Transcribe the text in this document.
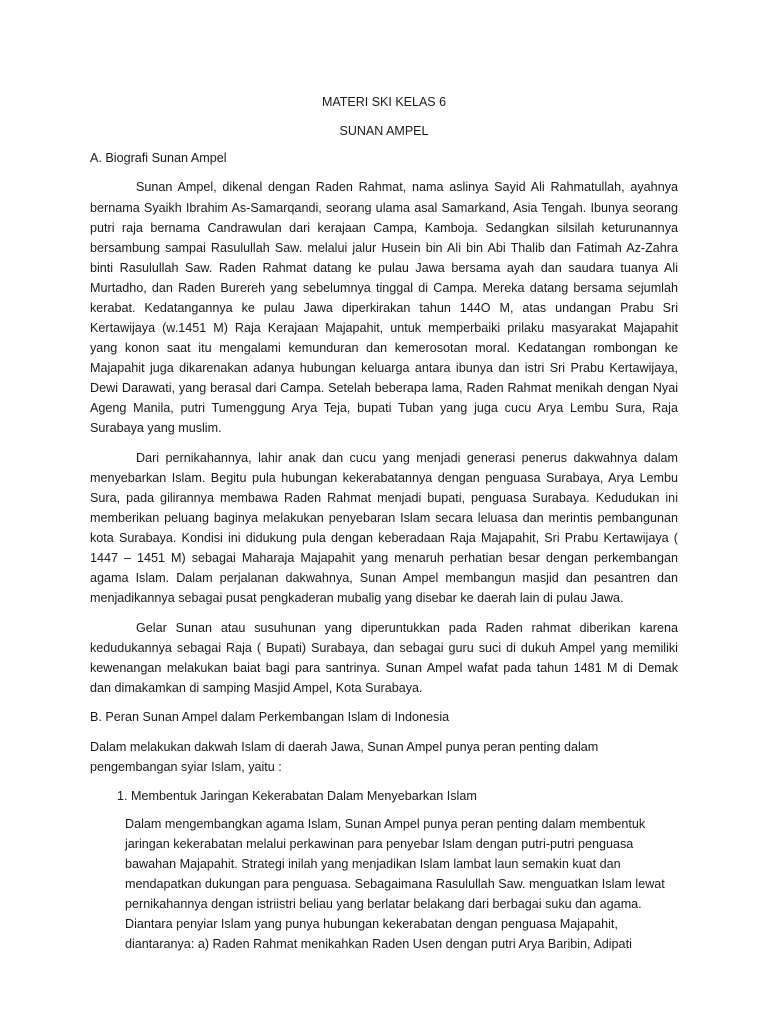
MATERI SKI KELAS 6
SUNAN AMPEL
A. Biografi Sunan Ampel
Sunan Ampel, dikenal dengan Raden Rahmat, nama aslinya Sayid Ali Rahmatullah, ayahnya
bernama Syaikh Ibrahim As-Samarqandi, seorang ulama asal Samarkand, Asia Tengah. Ibunya seorang
putri raja bernama Candrawulan dari kerajaan Campa, Kamboja. Sedangkan silsilah keturunannya
bersambung sampai Rasulullah Saw. melalui jalur Husein bin Ali bin Abi Thalib dan Fatimah Az-Zahra
binti Rasulullah Saw. Raden Rahmat datang ke pulau Jawa bersama ayah dan saudara tuanya Ali
Murtadho, dan Raden Burereh yang sebelumnya tinggal di Campa. Mereka datang bersama sejumlah
kerabat. Kedatangannya ke pulau Jawa diperkirakan tahun 144O M, atas undangan Prabu Sri
Kertawijaya (w.1451 M) Raja Kerajaan Majapahit, untuk memperbaiki prilaku masyarakat Majapahit
yang konon saat itu mengalami kemunduran dan kemerosotan moral. Kedatangan rombongan ke
Majapahit juga dikarenakan adanya hubungan keluarga antara ibunya dan istri Sri Prabu Kertawijaya,
Dewi Darawati, yang berasal dari Campa. Setelah beberapa lama, Raden Rahmat menikah dengan Nyai
Ageng Manila, putri Tumenggung Arya Teja, bupati Tuban yang juga cucu Arya Lembu Sura, Raja
Surabaya yang muslim.
Dari pernikahannya, lahir anak dan cucu yang menjadi generasi penerus dakwahnya dalam
menyebarkan Islam. Begitu pula hubungan kekerabatannya dengan penguasa Surabaya, Arya Lembu
Sura, pada gilirannya membawa Raden Rahmat menjadi bupati, penguasa Surabaya. Kedudukan ini
memberikan peluang baginya melakukan penyebaran Islam secara leluasa dan merintis pembangunan
kota Surabaya. Kondisi ini didukung pula dengan keberadaan Raja Majapahit, Sri Prabu Kertawijaya (
1447 – 1451 M) sebagai Maharaja Majapahit yang menaruh perhatian besar dengan perkembangan
agama Islam. Dalam perjalanan dakwahnya, Sunan Ampel membangun masjid dan pesantren dan
menjadikannya sebagai pusat pengkaderan mubalig yang disebar ke daerah lain di pulau Jawa.
Gelar Sunan atau susuhunan yang diperuntukkan pada Raden rahmat diberikan karena
kedudukannya sebagai Raja ( Bupati) Surabaya, dan sebagai guru suci di dukuh Ampel yang memiliki
kewenangan melakukan baiat bagi para santrinya. Sunan Ampel wafat pada tahun 1481 M di Demak
dan dimakamkan di samping Masjid Ampel, Kota Surabaya.
B. Peran Sunan Ampel dalam Perkembangan Islam di Indonesia
Dalam melakukan dakwah Islam di daerah Jawa, Sunan Ampel punya peran penting dalam
pengembangan syiar Islam, yaitu :
1. Membentuk Jaringan Kekerabatan Dalam Menyebarkan Islam
Dalam mengembangkan agama Islam, Sunan Ampel punya peran penting dalam membentuk
jaringan kekerabatan melalui perkawinan para penyebar Islam dengan putri-putri penguasa
bawahan Majapahit. Strategi inilah yang menjadikan Islam lambat laun semakin kuat dan
mendapatkan dukungan para penguasa. Sebagaimana Rasulullah Saw. menguatkan Islam lewat
pernikahannya dengan istriistri beliau yang berlatar belakang dari berbagai suku dan agama.
Diantara penyiar Islam yang punya hubungan kekerabatan dengan penguasa Majapahit,
diantaranya: a) Raden Rahmat menikahkan Raden Usen dengan putri Arya Baribin, Adipati
